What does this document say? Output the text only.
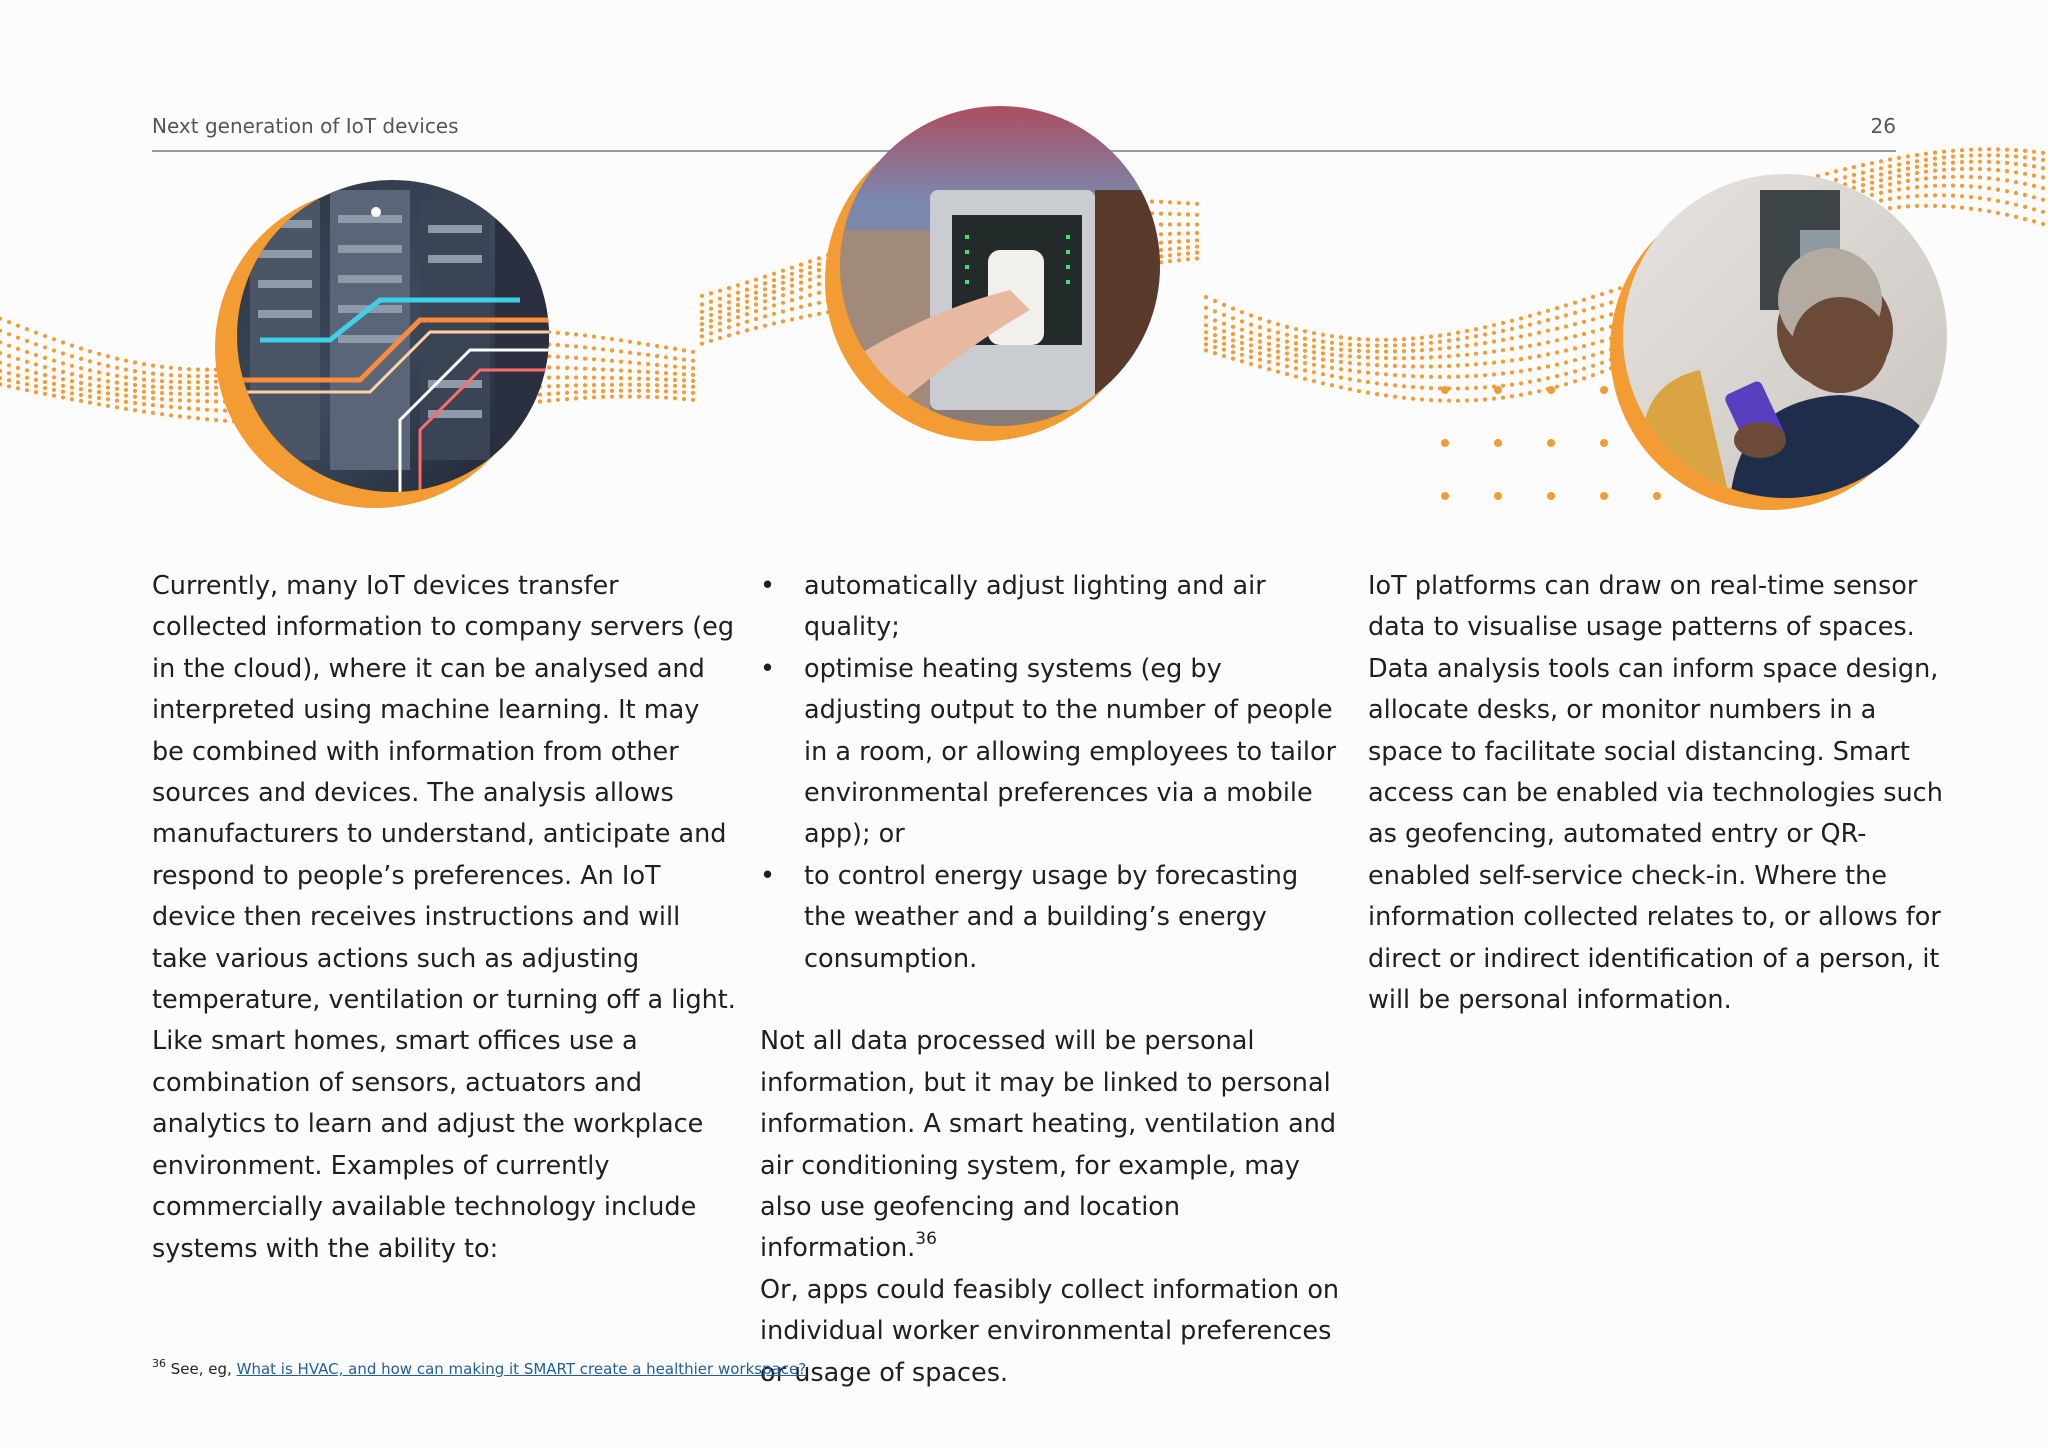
Next generation of IoT devices	26

Currently, many IoT devices transfer collected information to company servers (eg in the cloud), where it can be analysed and interpreted using machine learning. It may be combined with information from other sources and devices. The analysis allows manufacturers to understand, anticipate and respond to people’s preferences. An IoT device then receives instructions and will take various actions such as adjusting temperature, ventilation or turning off a light.

Like smart homes, smart offices use a combination of sensors, actuators and analytics to learn and adjust the workplace environment. Examples of currently commercially available technology include systems with the ability to:

• automatically adjust lighting and air quality;
• optimise heating systems (eg by adjusting output to the number of people in a room, or allowing employees to tailor environmental preferences via a mobile app); or
• to control energy usage by forecasting the weather and a building’s energy consumption.

Not all data processed will be personal information, but it may be linked to personal information. A smart heating, ventilation and air conditioning system, for example, may also use geofencing and location information.$^{36}$

Or, apps could feasibly collect information on individual worker environmental preferences or usage of spaces.

IoT platforms can draw on real-time sensor data to visualise usage patterns of spaces. Data analysis tools can inform space design, allocate desks, or monitor numbers in a space to facilitate social distancing. Smart access can be enabled via technologies such as geofencing, automated entry or QR-enabled self-service check-in. Where the information collected relates to, or allows for direct or indirect identification of a person, it will be personal information.

$^{36}$ See, eg, What is HVAC, and how can making it SMART create a healthier workspace?
